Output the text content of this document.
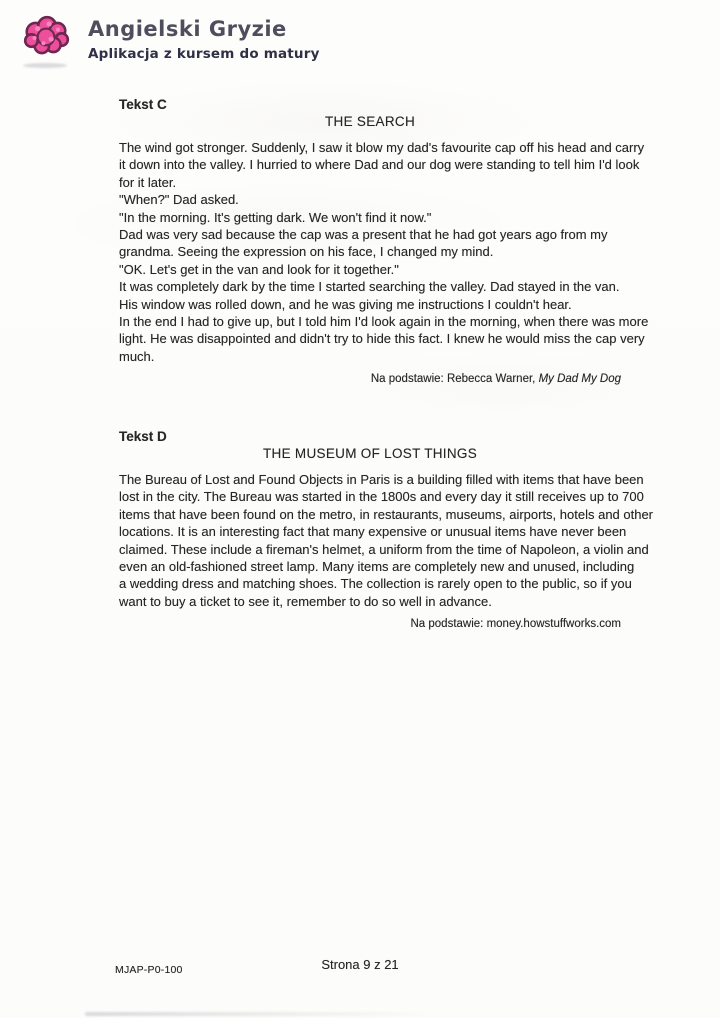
Angielski Gryzie
Aplikacja z kursem do matury
Tekst C
THE SEARCH
The wind got stronger. Suddenly, I saw it blow my dad's favourite cap off his head and carry
it down into the valley. I hurried to where Dad and our dog were standing to tell him I'd look
for it later.
"When?" Dad asked.
"In the morning. It's getting dark. We won't find it now."
Dad was very sad because the cap was a present that he had got years ago from my
grandma. Seeing the expression on his face, I changed my mind.
"OK. Let's get in the van and look for it together."
It was completely dark by the time I started searching the valley. Dad stayed in the van.
His window was rolled down, and he was giving me instructions I couldn't hear.
In the end I had to give up, but I told him I'd look again in the morning, when there was more
light. He was disappointed and didn't try to hide this fact. I knew he would miss the cap very
much.
Na podstawie: Rebecca Warner, My Dad My Dog
Tekst D
THE MUSEUM OF LOST THINGS
The Bureau of Lost and Found Objects in Paris is a building filled with items that have been
lost in the city. The Bureau was started in the 1800s and every day it still receives up to 700
items that have been found on the metro, in restaurants, museums, airports, hotels and other
locations. It is an interesting fact that many expensive or unusual items have never been
claimed. These include a fireman's helmet, a uniform from the time of Napoleon, a violin and
even an old-fashioned street lamp. Many items are completely new and unused, including
a wedding dress and matching shoes. The collection is rarely open to the public, so if you
want to buy a ticket to see it, remember to do so well in advance.
Na podstawie: money.howstuffworks.com
MJAP-P0-100	Strona 9 z 21
